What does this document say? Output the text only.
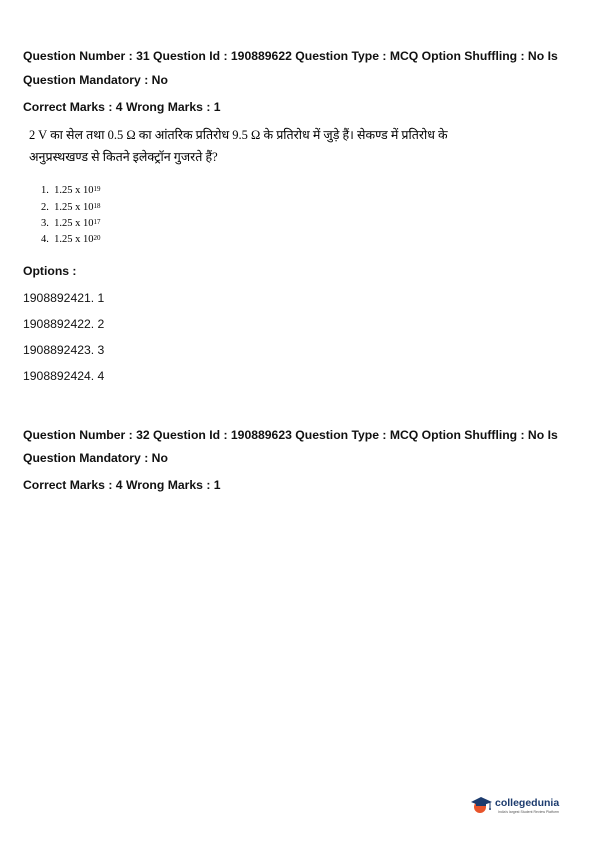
Question Number : 31 Question Id : 190889622 Question Type : MCQ Option Shuffling : No Is
Question Mandatory : No
Correct Marks : 4 Wrong Marks : 1
2 V का सेल तथा 0.5 Ω का आंतरिक प्रतिरोध 9.5 Ω के प्रतिरोध में जुड़े हैं। सेकण्ड में प्रतिरोध के
अनुप्रस्थखण्ड से कितने इलेक्ट्रॉन गुजरते हैं?
1. 1.25 x $10^{19}$
2. 1.25 x $10^{18}$
3. 1.25 x $10^{17}$
4. 1.25 x $10^{20}$
Options :
1908892421. 1
1908892422. 2
1908892423. 3
1908892424. 4
Question Number : 32 Question Id : 190889623 Question Type : MCQ Option Shuffling : No Is
Question Mandatory : No
Correct Marks : 4 Wrong Marks : 1
collegedunia
India's largest Student Review Platform
